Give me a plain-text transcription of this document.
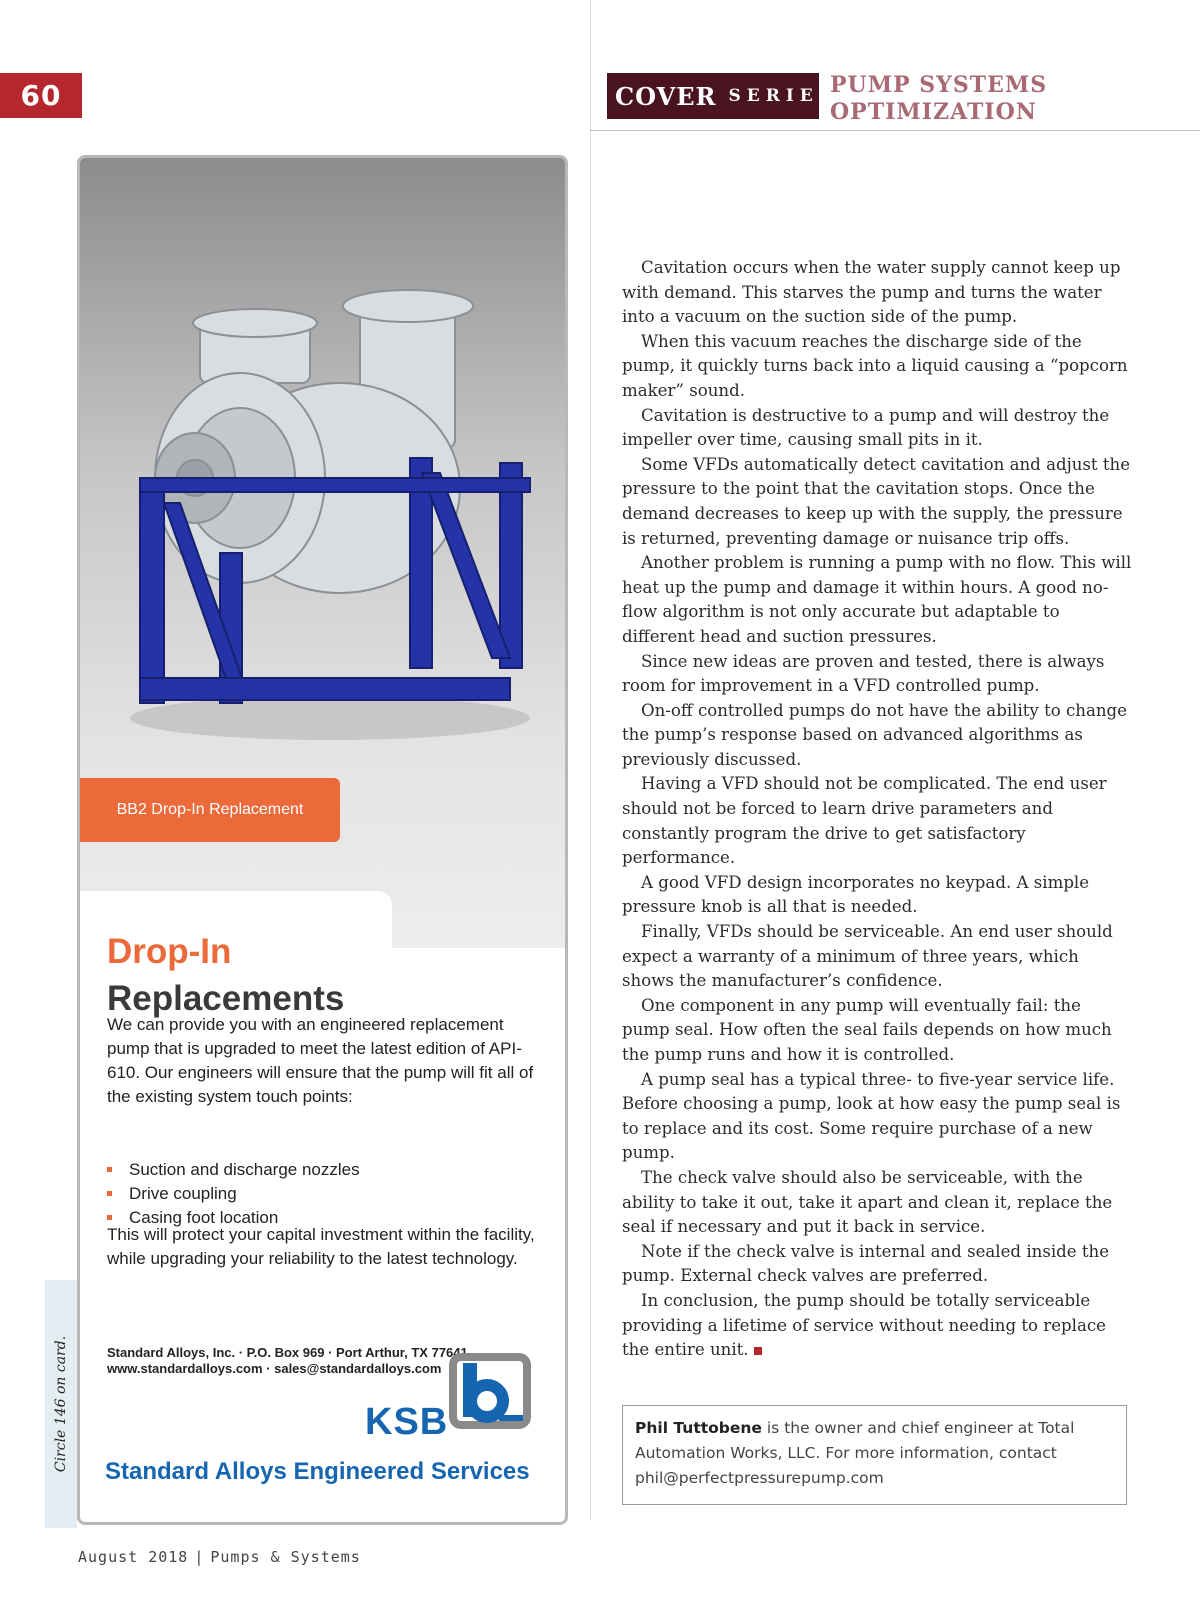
60	COVER SERIES
PUMP SYSTEMS
OPTIMIZATION
BB2 Drop-In Replacement
Drop-In
Replacements
We can provide you with an engineered replacement pump that is upgraded to meet the latest edition of API-610. Our engineers will ensure that the pump will fit all of the existing system touch points:
Suction and discharge nozzles
Drive coupling
Casing foot location
This will protect your capital investment within the facility, while upgrading your reliability to the latest technology.
Standard Alloys, Inc. · P.O. Box 969 · Port Arthur, TX 77641
www.standardalloys.com · sales@standardalloys.com
KSB
Standard Alloys Engineered Services
Circle 146 on card.

Cavitation occurs when the water supply cannot keep up with demand. This starves the pump and turns the water into a vacuum on the suction side of the pump.

When this vacuum reaches the discharge side of the pump, it quickly turns back into a liquid causing a “popcorn maker” sound.

Cavitation is destructive to a pump and will destroy the impeller over time, causing small pits in it.

Some VFDs automatically detect cavitation and adjust the pressure to the point that the cavitation stops. Once the demand decreases to keep up with the supply, the pressure is returned, preventing damage or nuisance trip offs.

Another problem is running a pump with no flow. This will heat up the pump and damage it within hours. A good no-flow algorithm is not only accurate but adaptable to different head and suction pressures.

Since new ideas are proven and tested, there is always room for improvement in a VFD controlled pump.

On-off controlled pumps do not have the ability to change the pump’s response based on advanced algorithms as previously discussed.

Having a VFD should not be complicated. The end user should not be forced to learn drive parameters and constantly program the drive to get satisfactory performance.

A good VFD design incorporates no keypad. A simple pressure knob is all that is needed.

Finally, VFDs should be serviceable. An end user should expect a warranty of a minimum of three years, which shows the manufacturer’s confidence.

One component in any pump will eventually fail: the pump seal. How often the seal fails depends on how much the pump runs and how it is controlled.

A pump seal has a typical three- to five-year service life. Before choosing a pump, look at how easy the pump seal is to replace and its cost. Some require purchase of a new pump.

The check valve should also be serviceable, with the ability to take it out, take it apart and clean it, replace the seal if necessary and put it back in service.

Note if the check valve is internal and sealed inside the pump. External check valves are preferred.

In conclusion, the pump should be totally serviceable providing a lifetime of service without needing to replace the entire unit.

Phil Tuttobene is the owner and chief engineer at Total Automation Works, LLC. For more information, contact phil@perfectpressurepump.com
August 2018 | Pumps & Systems
